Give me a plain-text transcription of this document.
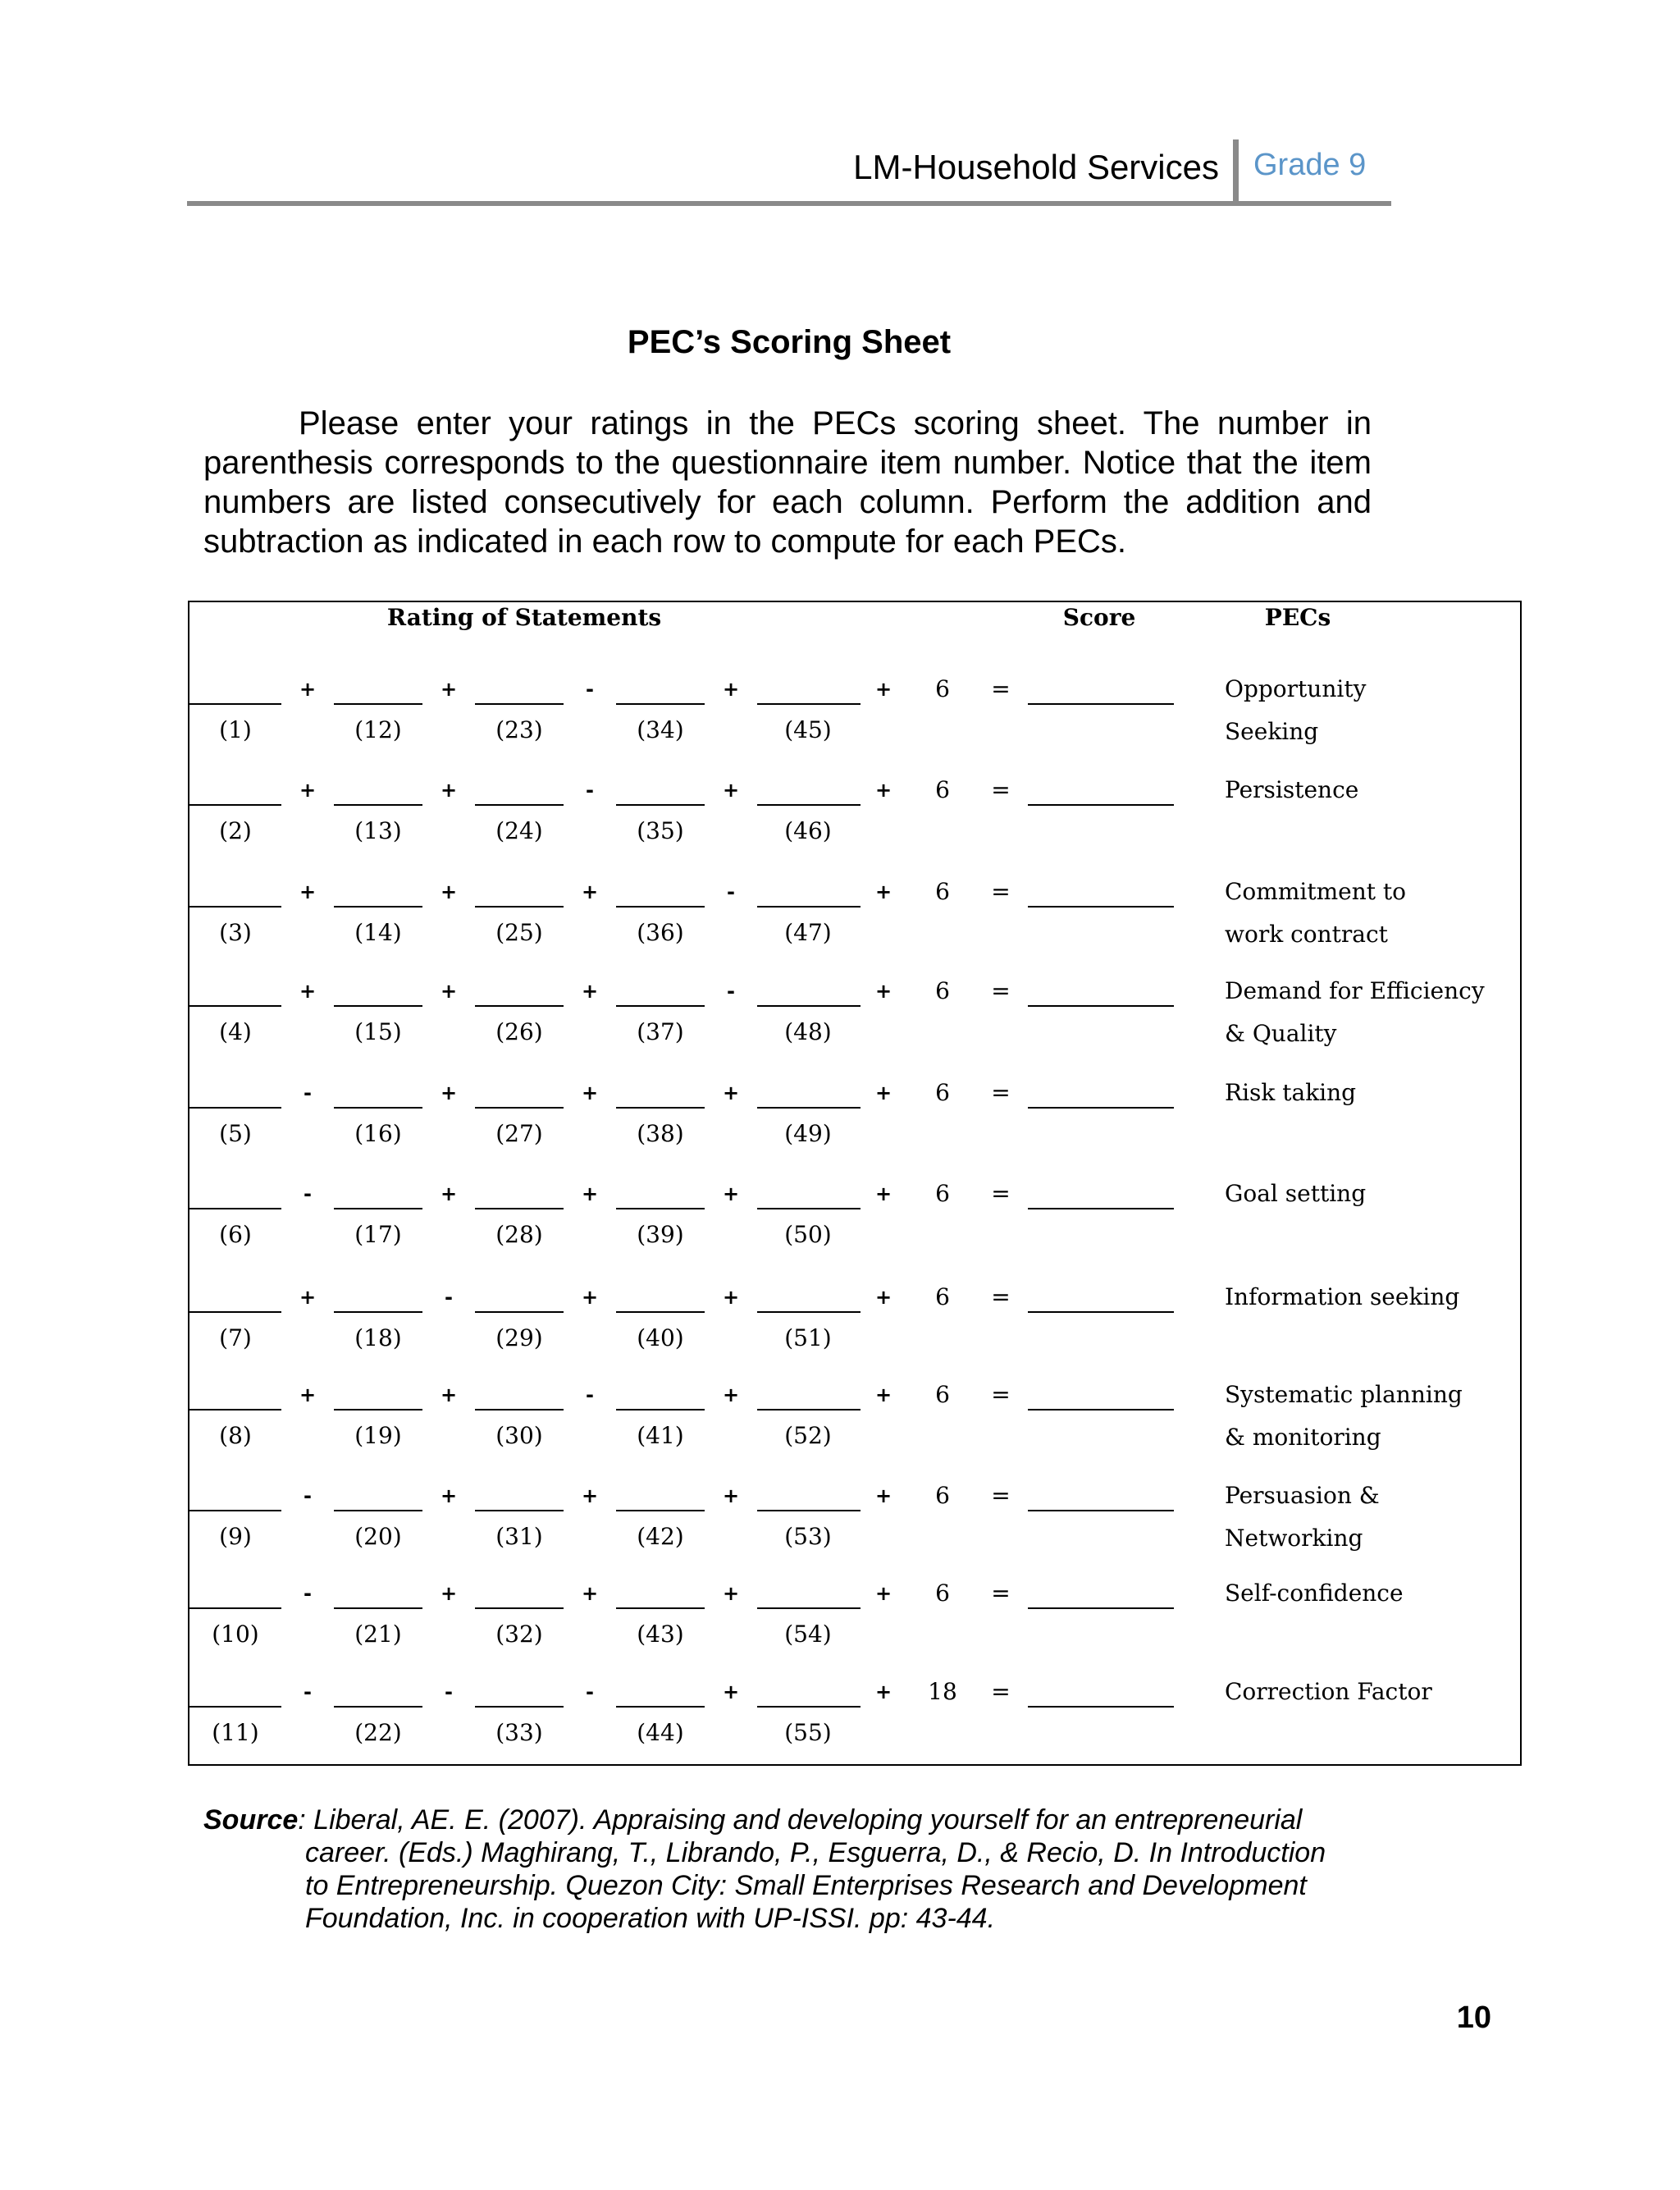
LM-Household Services Grade 9
PEC’s Scoring Sheet

Please enter your ratings in the PECs scoring sheet. The number in parenthesis corresponds to the questionnaire item number. Notice that the item numbers are listed consecutively for each column. Perform the addition and subtraction as indicated in each row to compute for each PECs.

Rating of Statements	Score	PECs
+	+	-	+	+ 6 =
(1)	(12)	(23)	(34)	(45)
Opportunity
Seeking
+	+	-	+	+ 6 =
(2)	(13)	(24)	(35)	(46)
Persistence

+	+	+	-	+ 6 =
(3)	(14)	(25)	(36)	(47)
Commitment to
work contract
+	+	+	-	+ 6 =
(4)	(15)	(26)	(37)	(48)
Demand for Efficiency
& Quality
-	+	+	+	+ 6 =
(5)	(16)	(27)	(38)	(49)
Risk taking

-	+	+	+	+ 6 =
(6)	(17)	(28)	(39)	(50)
Goal setting

+	-	+	+	+ 6 =
(7)	(18)	(29)	(40)	(51)
Information seeking

+	+	-	+	+ 6 =
(8)	(19)	(30)	(41)	(52)
Systematic planning
& monitoring
-	+	+	+	+ 6 =
(9)	(20)	(31)	(42)	(53)
Persuasion &
Networking
-	+	+	+	+ 6 =
(10)	(21)	(32)	(43)	(54)
Self-confidence

-	-	-	+	+ 18 =
(11)	(22)	(33)	(44)	(55)
Correction Factor

Source: Liberal, AE. E. (2007). Appraising and developing yourself for an entrepreneurial
career. (Eds.) Maghirang, T., Librando, P., Esguerra, D., & Recio, D. In Introduction
to Entrepreneurship. Quezon City: Small Enterprises Research and Development
Foundation, Inc. in cooperation with UP-ISSI. pp: 43-44.
10
